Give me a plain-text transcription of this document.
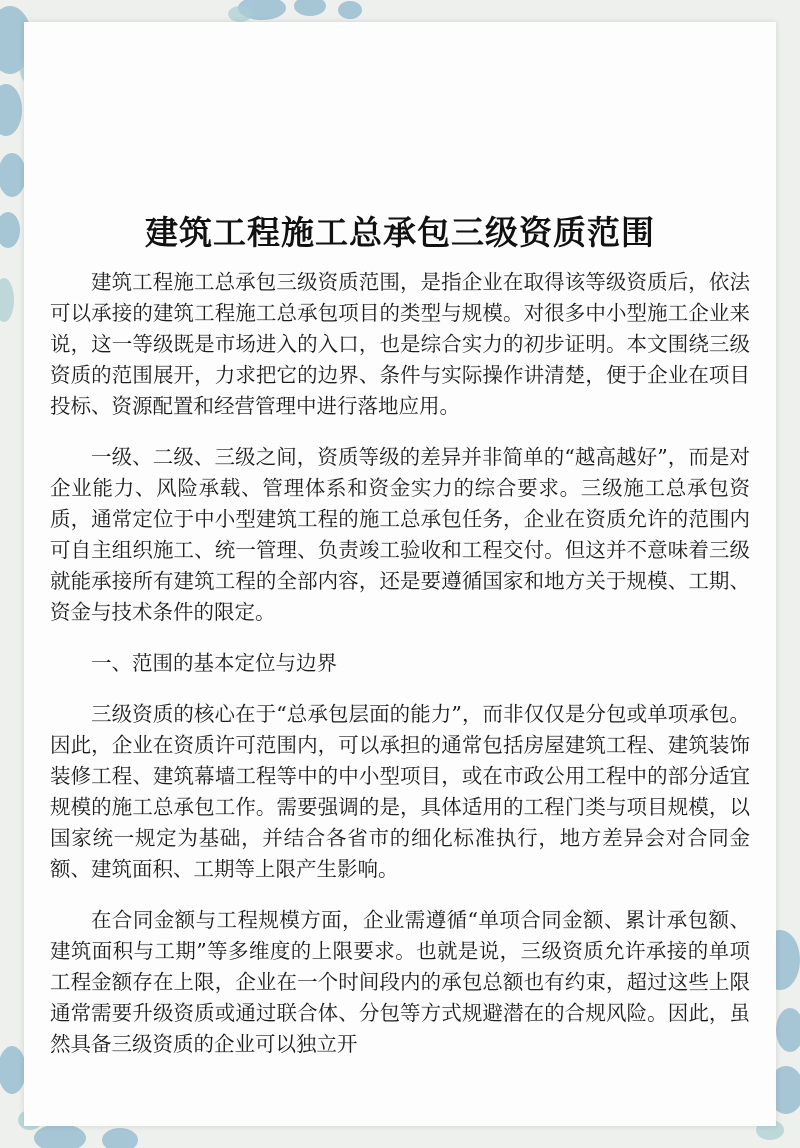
建筑工程施工总承包三级资质范围

建筑工程施工总承包三级资质范围，是指企业在取得该等级资质后，依法可以承接的建筑工程施工总承包项目的类型与规模。对很多中小型施工企业来说，这一等级既是市场进入的入口，也是综合实力的初步证明。本文围绕三级资质的范围展开，力求把它的边界、条件与实际操作讲清楚，便于企业在项目投标、资源配置和经营管理中进行落地应用。

一级、二级、三级之间，资质等级的差异并非简单的“越高越好”，而是对企业能力、风险承载、管理体系和资金实力的综合要求。三级施工总承包资质，通常定位于中小型建筑工程的施工总承包任务，企业在资质允许的范围内可自主组织施工、统一管理、负责竣工验收和工程交付。但这并不意味着三级就能承接所有建筑工程的全部内容，还是要遵循国家和地方关于规模、工期、资金与技术条件的限定。

一、范围的基本定位与边界

三级资质的核心在于“总承包层面的能力”，而非仅仅是分包或单项承包。因此，企业在资质许可范围内，可以承担的通常包括房屋建筑工程、建筑装饰装修工程、建筑幕墙工程等中的中小型项目，或在市政公用工程中的部分适宜规模的施工总承包工作。需要强调的是，具体适用的工程门类与项目规模，以国家统一规定为基础，并结合各省市的细化标准执行，地方差异会对合同金额、建筑面积、工期等上限产生影响。

在合同金额与工程规模方面，企业需遵循“单项合同金额、累计承包额、建筑面积与工期”等多维度的上限要求。也就是说，三级资质允许承接的单项工程金额存在上限，企业在一个时间段内的承包总额也有约束，超过这些上限通常需要升级资质或通过联合体、分包等方式规避潜在的合规风险。因此，虽然具备三级资质的企业可以独立开
